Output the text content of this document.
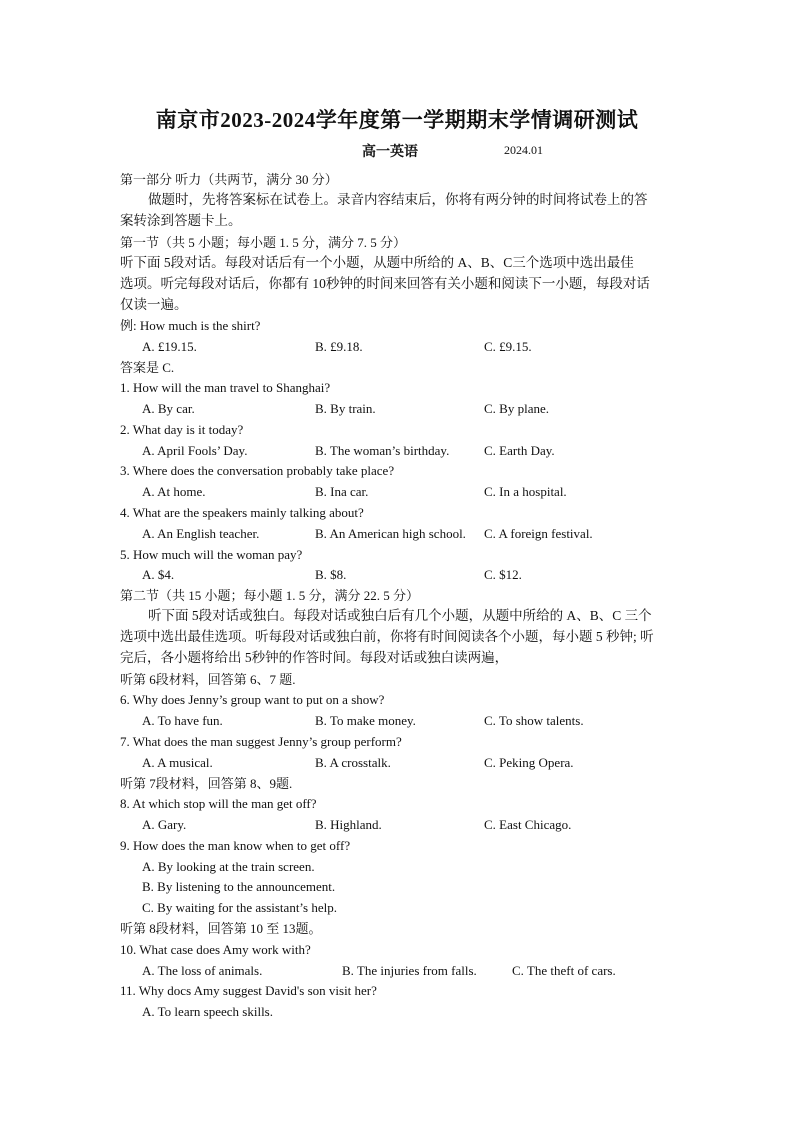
南京市2023-2024学年度第一学期期末学情调研测试
高一英语	2024.01
第一部分 听力（共两节，满分 30 分）
做题时，先将答案标在试卷上。录音内容结束后，你将有两分钟的时间将试卷上的答
案转涂到答题卡上。
第一节（共 5 小题；每小题 1. 5 分，满分 7. 5 分）
听下面 5段对话。每段对话后有一个小题，从题中所给的 A、B、C三个选项中选出最佳
选项。听完每段对话后，你都有 10秒钟的时间来回答有关小题和阅读下一小题，每段对话
仅读一遍。
例: How much is the shirt?
A. £19.15.	B. £9.18.	C. £9.15.
答案是 C.
1. How will the man travel to Shanghai?
A. By car.	B. By train.	C. By plane.
2. What day is it today?
A. April Fools’ Day.	B. The woman’s birthday.	C. Earth Day.
3. Where does the conversation probably take place?
A. At home.	B. Ina car.	C. In a hospital.
4. What are the speakers mainly talking about?
A. An English teacher.	B. An American high school. C. A foreign festival.
5. How much will the woman pay?
A. $4.	B. $8.	C. $12.
第二节（共 15 小题；每小题 1. 5 分，满分 22. 5 分）
听下面 5段对话或独白。每段对话或独白后有几个小题，从题中所给的 A、B、C 三个
选项中选出最佳选项。听每段对话或独白前，你将有时间阅读各个小题，每小题 5 秒钟; 听
完后，各小题将给出 5秒钟的作答时间。每段对话或独白读两遍，
听第 6段材料，回答第 6、7 题.
6. Why does Jenny’s group want to put on a show?
A. To have fun.	B. To make money.	C. To show talents.
7. What does the man suggest Jenny’s group perform?
A. A musical.	B. A crosstalk.	C. Peking Opera.
听第 7段材料，回答第 8、9题.
8. At which stop will the man get off?
A. Gary.	B. Highland.	C. East Chicago.
9. How does the man know when to get off?
A. By looking at the train screen.
B. By listening to the announcement.
C. By waiting for the assistant’s help.
听第 8段材料，回答第 10 至 13题。
10. What case does Amy work with?
A. The loss of animals.	B. The injuries from falls.	C. The theft of cars.
11. Why docs Amy suggest David's son visit her?
A. To learn speech skills.
